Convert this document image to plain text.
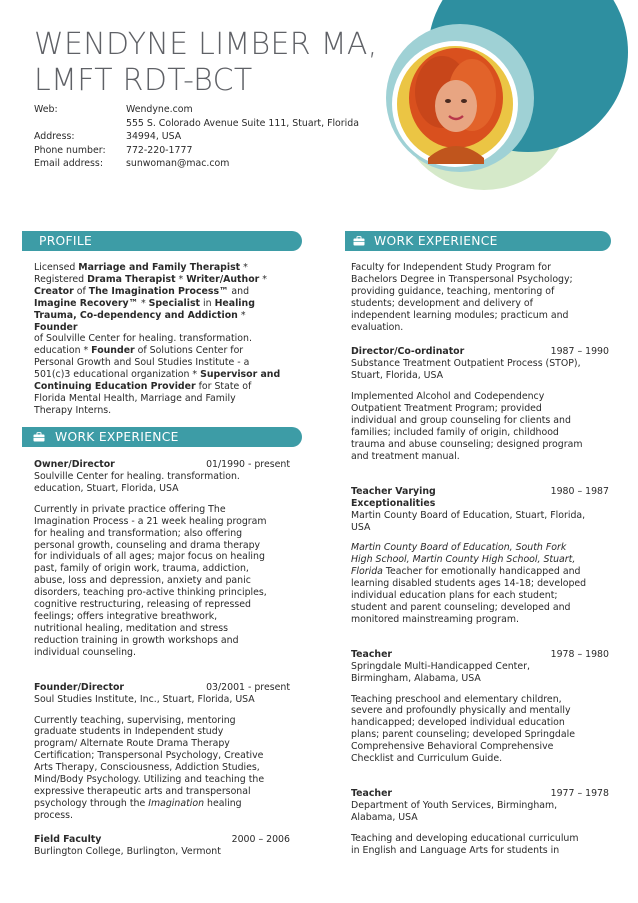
WENDYNE LIMBER MA,
LMFT RDT-BCT
Web:	Wendyne.com
555 S. Colorado Avenue Suite 111, Stuart, Florida
Address:	34994, USA
Phone number: 772-220-1777
Email address: sunwoman@mac.com
PROFILE	WORK EXPERIENCE

Licensed Marriage and Family Therapist *

Registered Drama Therapist * Writer/Author *

Creator of The Imagination Process™ and

Imagine Recovery™ * Specialist in Healing

Trauma, Co-dependency and Addiction * Founder

of Soulville Center for healing. transformation.

education * Founder of Solutions Center for

Personal Growth and Soul Studies Institute - a

501(c)3 educational organization * Supervisor and

Continuing Education Provider for State of

Florida Mental Health, Marriage and Family

Therapy Interns.

WORK EXPERIENCE
Owner/Director	01/1990 - present

Soulville Center for healing. transformation.

education, Stuart, Florida, USA

Currently in private practice offering The

Imagination Process - a 21 week healing program

for healing and transformation; also offering

personal growth, counseling and drama therapy

for individuals of all ages; major focus on healing

past, family of origin work, trauma, addiction,

abuse, loss and depression, anxiety and panic

disorders, teaching pro-active thinking principles,

cognitive restructuring, releasing of repressed

feelings; offers integrative breathwork,

nutritional healing, meditation and stress

reduction training in growth workshops and

individual counseling.

Founder/Director	03/2001 - present

Soul Studies Institute, Inc., Stuart, Florida, USA

Currently teaching, supervising, mentoring

graduate students in Independent study

program/ Alternate Route Drama Therapy

Certification; Transpersonal Psychology, Creative

Arts Therapy, Consciousness, Addiction Studies,

Mind/Body Psychology. Utilizing and teaching the

expressive therapeutic arts and transpersonal

psychology through the Imagination healing

process.

Field Faculty	2000 – 2006

Burlington College, Burlington, Vermont

Faculty for Independent Study Program for

Bachelors Degree in Transpersonal Psychology;

providing guidance, teaching, mentoring of

students; development and delivery of

independent learning modules; practicum and

evaluation.

Director/Co-ordinator	1987 – 1990

Substance Treatment Outpatient Process (STOP),

Stuart, Florida, USA

Implemented Alcohol and Codependency

Outpatient Treatment Program; provided

individual and group counseling for clients and

families; included family of origin, childhood

trauma and abuse counseling; designed program

and treatment manual.

Teacher Varying	1980 – 1987

Exceptionalities

Martin County Board of Education, Stuart, Florida,

USA

Martin County Board of Education, South Fork

High School, Martin County High School, Stuart,

Florida Teacher for emotionally handicapped and

learning disabled students ages 14-18; developed

individual education plans for each student;

student and parent counseling; developed and

monitored mainstreaming program.

Teacher	1978 – 1980

Springdale Multi-Handicapped Center,

Birmingham, Alabama, USA

Teaching preschool and elementary children,

severe and profoundly physically and mentally

handicapped; developed individual education

plans; parent counseling; developed Springdale

Comprehensive Behavioral Comprehensive

Checklist and Curriculum Guide.

Teacher	1977 – 1978

Department of Youth Services, Birmingham,

Alabama, USA

Teaching and developing educational curriculum

in English and Language Arts for students in
